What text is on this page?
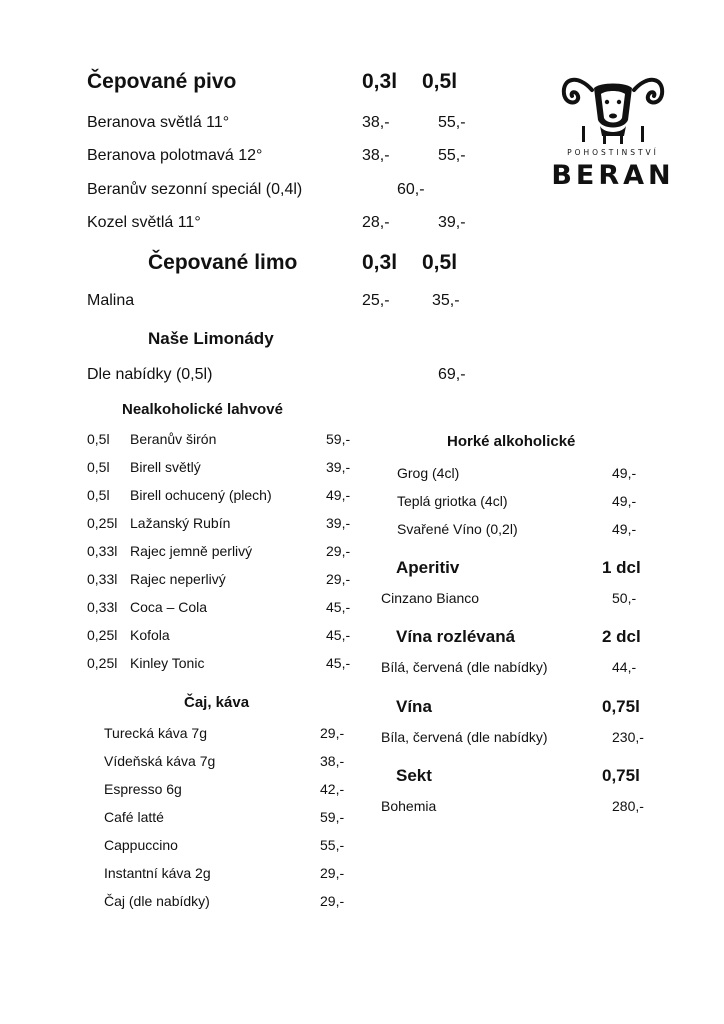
Čepované pivo	0,3l 0,5l
Beranova světlá 11°	38,-	55,-
Beranova polotmavá 12°	38,-	55,-
Beranův sezonní speciál (0,4l)	60,-
Kozel světlá 11°	28,-	39,-
Čepované limo	0,3l 0,5l
Malina	25,-	35,-
Naše Limonády
Dle nabídky (0,5l)	69,-
Nealkoholické lahvové
0,5l Beranův širón	59,-
0,5l Birell světlý	39,-
0,5l Birell ochucený (plech)	49,-
0,25l Lažanský Rubín	39,-
0,33l Rajec jemně perlivý	29,-
0,33l Rajec neperlivý	29,-
0,33l Coca – Cola	45,-
0,25l Kofola	45,-
0,25l Kinley Tonic	45,-
Čaj, káva
Turecká káva 7g	29,-
Vídeňská káva 7g	38,-
Espresso 6g	42,-
Café latté	59,-
Cappuccino	55,-
Instantní káva 2g	29,-
Čaj (dle nabídky)	29,-
Horké alkoholické
Grog (4cl)	49,-
Teplá griotka (4cl)	49,-
Svařené Víno (0,2l)	49,-
Aperitiv	1 dcl
Cinzano Bianco	50,-
Vína rozlévaná	2 dcl
Bílá, červená (dle nabídky)	44,-
Vína	0,75l
Bíla, červená (dle nabídky)	230,-
Sekt	0,75l
Bohemia	280,-
POHOSTINSTVÍ
BERAN
